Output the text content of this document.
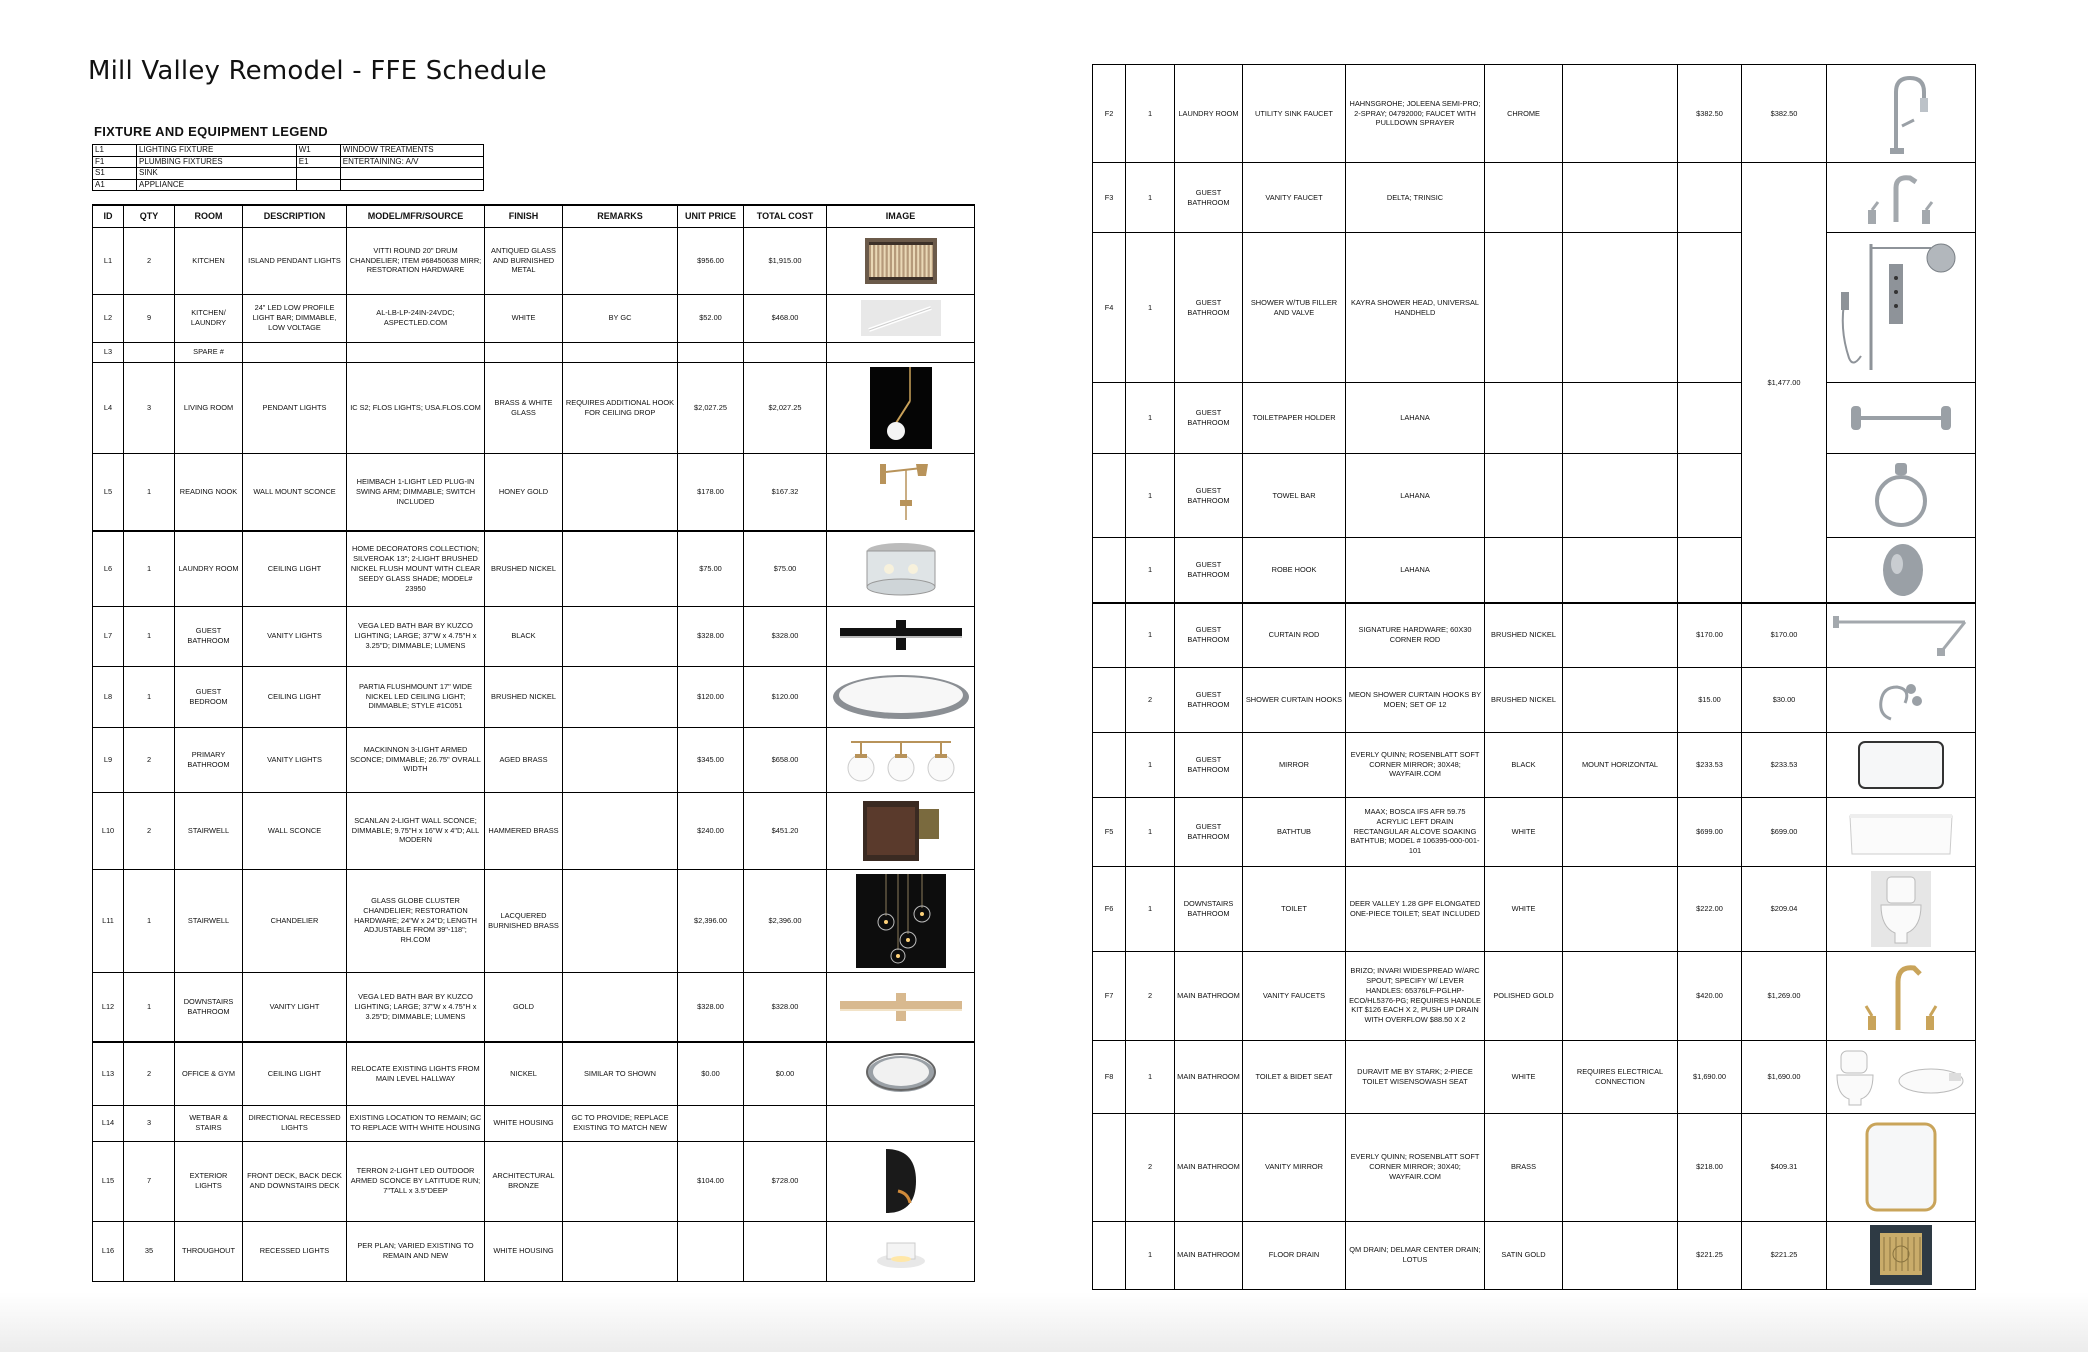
Mill Valley Remodel - FFE Schedule
FIXTURE AND EQUIPMENT LEGEND
L1	LIGHTING FIXTURE	W1	WINDOW TREATMENTS
F1	PLUMBING FIXTURES	E1	ENTERTAINING: A/V
S1	SINK		
A1	APPLIANCE		
ID	QTY	ROOM	DESCRIPTION	MODEL/MFR/SOURCE	FINISH	REMARKS	UNIT PRICE	TOTAL COST	IMAGE
L1	2	KITCHEN	ISLAND PENDANT LIGHTS	VITTI ROUND 20" DRUM CHANDELIER; ITEM #68450638 MIRR; RESTORATION HARDWARE	ANTIQUED GLASS AND BURNISHED METAL		$956.00	$1,915.00	

L2	9	KITCHEN/ LAUNDRY	24" LED LOW PROFILE LIGHT BAR; DIMMABLE, LOW VOLTAGE	AL-LB-LP-24IN-24VDC; ASPECTLED.COM	WHITE	BY GC	$52.00	$468.00	

L3		SPARE #							
L4	3	LIVING ROOM	PENDANT LIGHTS	IC S2; FLOS LIGHTS; USA.FLOS.COM	BRASS & WHITE GLASS	REQUIRES ADDITIONAL HOOK FOR CEILING DROP	$2,027.25	$2,027.25	

L5	1	READING NOOK	WALL MOUNT SCONCE	HEIMBACH 1-LIGHT LED PLUG-IN SWING ARM; DIMMABLE; SWITCH INCLUDED	HONEY GOLD		$178.00	$167.32	

L6	1	LAUNDRY ROOM	CEILING LIGHT	HOME DECORATORS COLLECTION; SILVEROAK 13"; 2-LIGHT BRUSHED NICKEL FLUSH MOUNT WITH CLEAR SEEDY GLASS SHADE; MODEL# 23950	BRUSHED NICKEL		$75.00	$75.00	

L7	1	GUEST BATHROOM	VANITY LIGHTS	VEGA LED BATH BAR BY KUZCO LIGHTING; LARGE; 37"W x 4.75"H x 3.25"D; DIMMABLE; LUMENS	BLACK		$328.00	$328.00	

L8	1	GUEST BEDROOM	CEILING LIGHT	PARTIA FLUSHMOUNT 17" WIDE NICKEL LED CEILING LIGHT; DIMMABLE; STYLE #1C051	BRUSHED NICKEL		$120.00	$120.00	

L9	2	PRIMARY BATHROOM	VANITY LIGHTS	MACKINNON 3-LIGHT ARMED SCONCE; DIMMABLE; 26.75" OVRALL WIDTH	AGED BRASS		$345.00	$658.00	

L10	2	STAIRWELL	WALL SCONCE	SCANLAN 2-LIGHT WALL SCONCE; DIMMABLE; 9.75"H x 16"W x 4"D; ALL MODERN	HAMMERED BRASS		$240.00	$451.20	

L11	1	STAIRWELL	CHANDELIER	GLASS GLOBE CLUSTER CHANDELIER; RESTORATION HARDWARE; 24"W x 24"D; LENGTH ADJUSTABLE FROM 39"-118"; RH.COM	LACQUERED BURNISHED BRASS		$2,396.00	$2,396.00	

L12	1	DOWNSTAIRS BATHROOM	VANITY LIGHT	VEGA LED BATH BAR BY KUZCO LIGHTING; LARGE; 37"W x 4.75"H x 3.25"D; DIMMABLE; LUMENS	GOLD		$328.00	$328.00	

L13	2	OFFICE & GYM	CEILING LIGHT	RELOCATE EXISTING LIGHTS FROM MAIN LEVEL HALLWAY	NICKEL	SIMILAR TO SHOWN	$0.00	$0.00	

L14	3	WETBAR & STAIRS	DIRECTIONAL RECESSED LIGHTS	EXISTING LOCATION TO REMAIN; GC TO REPLACE WITH WHITE HOUSING	WHITE HOUSING	GC TO PROVIDE; REPLACE EXISTING TO MATCH NEW			
L15	7	EXTERIOR LIGHTS	FRONT DECK, BACK DECK AND DOWNSTAIRS DECK	TERRON 2-LIGHT LED OUTDOOR ARMED SCONCE BY LATITUDE RUN; 7"TALL x 3.5"DEEP	ARCHITECTURAL BRONZE		$104.00	$728.00	

L16	35	THROUGHOUT	RECESSED LIGHTS	PER PLAN; VARIED EXISTING TO REMAIN AND NEW	WHITE HOUSING				
F2	1	LAUNDRY ROOM	UTILITY SINK FAUCET	HAHNSGROHE; JOLEENA SEMI-PRO; 2-SPRAY; 04792000; FAUCET WITH PULLDOWN SPRAYER	CHROME		$382.50	$382.50	

F3	1	GUEST BATHROOM	VANITY FAUCET	DELTA; TRINSIC				$1,477.00	

F4	1	GUEST BATHROOM	SHOWER W/TUB FILLER AND VALVE	KAYRA SHOWER HEAD, UNIVERSAL HANDHELD				

	1	GUEST BATHROOM	TOILETPAPER HOLDER	LAHANA				

	1	GUEST BATHROOM	TOWEL BAR	LAHANA				

	1	GUEST BATHROOM	ROBE HOOK	LAHANA				

	1	GUEST BATHROOM	CURTAIN ROD	SIGNATURE HARDWARE; 60X30 CORNER ROD	BRUSHED NICKEL		$170.00	$170.00	

	2	GUEST BATHROOM	SHOWER CURTAIN HOOKS	MEON SHOWER CURTAIN HOOKS BY MOEN; SET OF 12	BRUSHED NICKEL		$15.00	$30.00	

	1	GUEST BATHROOM	MIRROR	EVERLY QUINN; ROSENBLATT SOFT CORNER MIRROR; 30X48; WAYFAIR.COM	BLACK	MOUNT HORIZONTAL	$233.53	$233.53	

F5	1	GUEST BATHROOM	BATHTUB	MAAX; BOSCA IFS AFR 59.75 ACRYLIC LEFT DRAIN RECTANGULAR ALCOVE SOAKING BATHTUB; MODEL # 106395-000-001-101	WHITE		$699.00	$699.00	

F6	1	DOWNSTAIRS BATHROOM	TOILET	DEER VALLEY 1.28 GPF ELONGATED ONE-PIECE TOILET; SEAT INCLUDED	WHITE		$222.00	$209.04	

F7	2	MAIN BATHROOM	VANITY FAUCETS	BRIZO; INVARI WIDESPREAD W/ARC SPOUT; SPECIFY W/ LEVER HANDLES: 65376LF-PGLHP-ECO/HL5376-PG; REQUIRES HANDLE KIT $126 EACH X 2, PUSH UP DRAIN WITH OVERFLOW $88.50 X 2	POLISHED GOLD		$420.00	$1,269.00	

F8	1	MAIN BATHROOM	TOILET & BIDET SEAT	DURAVIT ME BY STARK; 2-PIECE TOILET WISENSOWASH SEAT	WHITE	REQUIRES ELECTRICAL CONNECTION	$1,690.00	$1,690.00	

	2	MAIN BATHROOM	VANITY MIRROR	EVERLY QUINN; ROSENBLATT SOFT CORNER MIRROR; 30X40; WAYFAIR.COM	BRASS		$218.00	$409.31	

	1	MAIN BATHROOM	FLOOR DRAIN	QM DRAIN; DELMAR CENTER DRAIN; LOTUS	SATIN GOLD		$221.25	$221.25	
